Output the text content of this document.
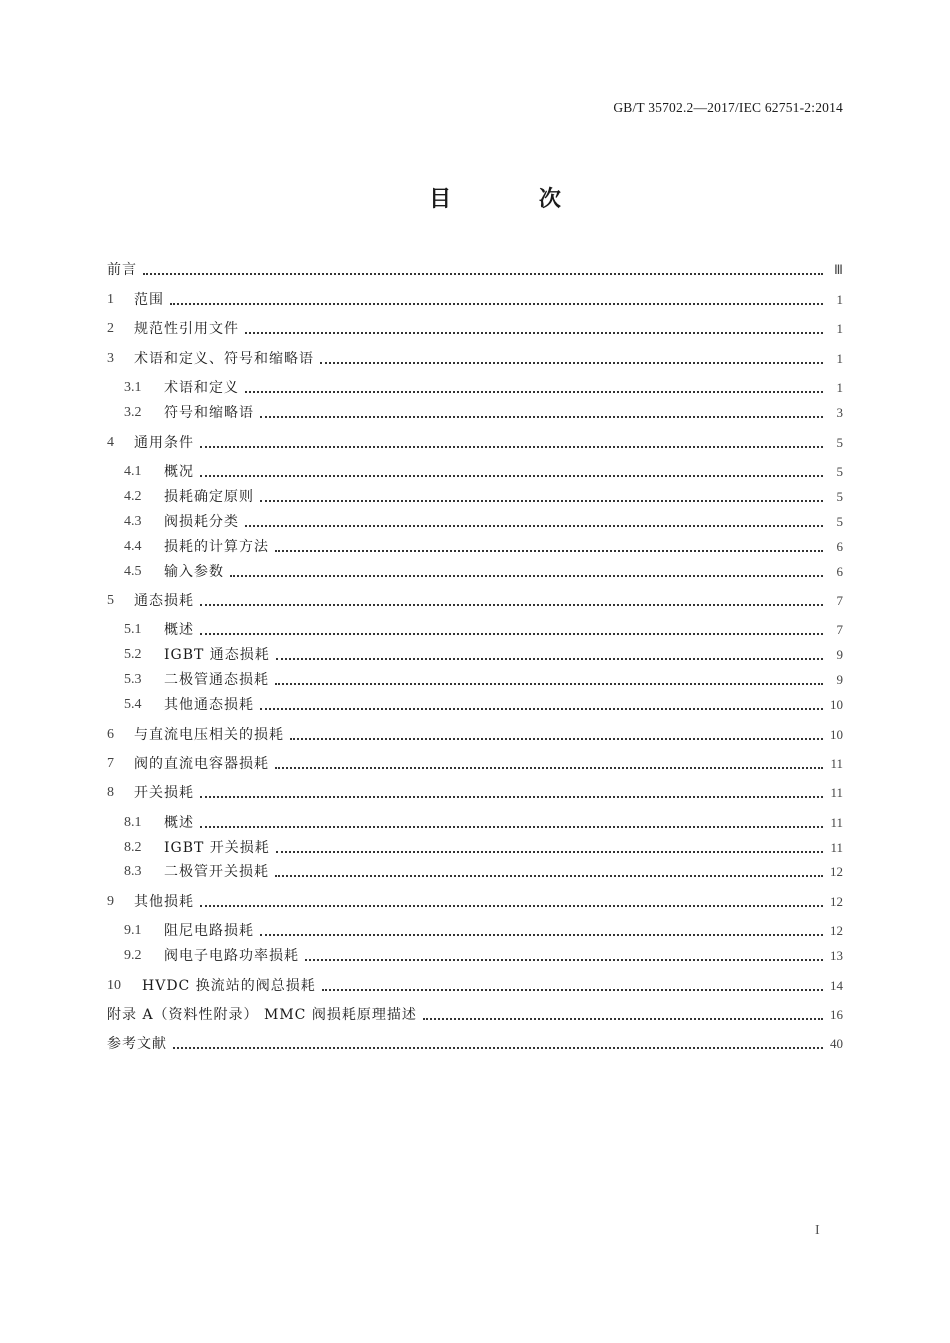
GB/T 35702.2—2017/IEC 62751-2:2014
目 次
前言	Ⅲ
1	范围	1
2	规范性引用文件	1
3	术语和定义、符号和缩略语	1
3.1	术语和定义	1
3.2	符号和缩略语	3
4	通用条件	5
4.1	概况	5
4.2	损耗确定原则	5
4.3	阀损耗分类	5
4.4	损耗的计算方法	6
4.5	输入参数	6
5	通态损耗	7
5.1	概述	7
5.2	IGBT 通态损耗	9
5.3	二极管通态损耗	9
5.4	其他通态损耗	10
6	与直流电压相关的损耗	10
7	阀的直流电容器损耗	11
8	开关损耗	11
8.1	概述	11
8.2	IGBT 开关损耗	11
8.3	二极管开关损耗	12
9	其他损耗	12
9.1	阻尼电路损耗	12
9.2	阀电子电路功率损耗	13
10	HVDC 换流站的阀总损耗	14
附录 A（资料性附录） MMC 阀损耗原理描述	16
参考文献	40
I
